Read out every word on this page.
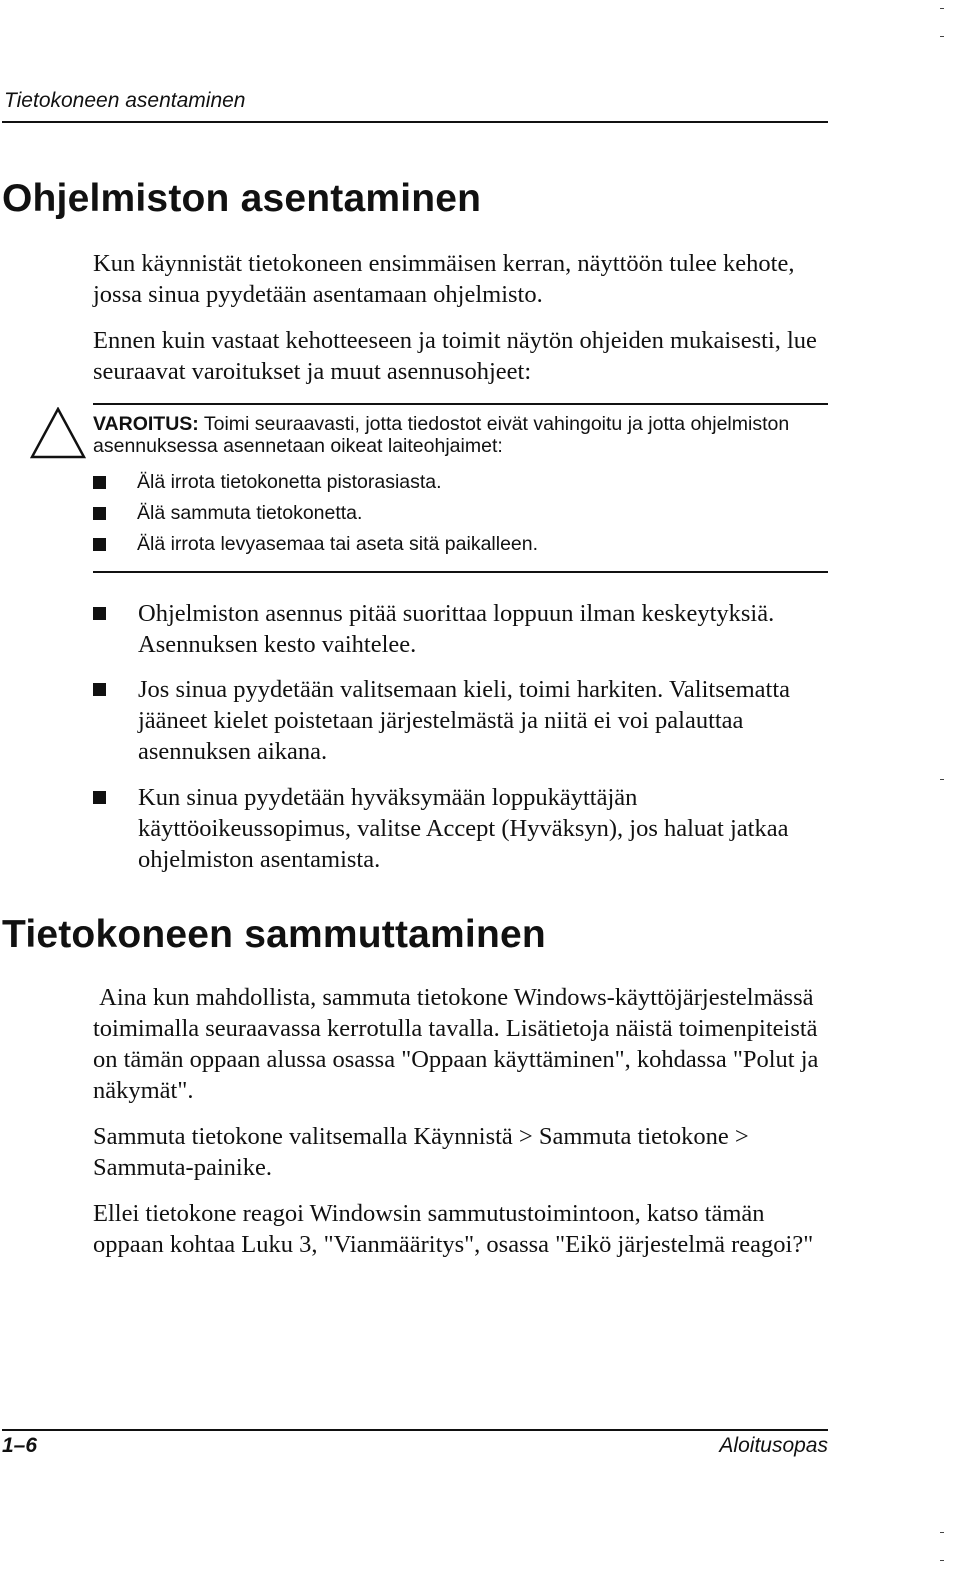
Tietokoneen asentaminen
Ohjelmiston asentaminen

Kun käynnistät tietokoneen ensimmäisen kerran, näyttöön tulee kehote, jossa sinua pyydetään asentamaan ohjelmisto.

Ennen kuin vastaat kehotteeseen ja toimit näytön ohjeiden mukaisesti, lue seuraavat varoitukset ja muut asennusohjeet:

VAROITUS: Toimi seuraavasti, jotta tiedostot eivät vahingoitu ja jotta ohjelmiston asennuksessa asennetaan oikeat laiteohjaimet:

Älä irrota tietokonetta pistorasiasta.
Älä sammuta tietokonetta.
Älä irrota levyasemaa tai aseta sitä paikalleen.
Ohjelmiston asennus pitää suorittaa loppuun ilman keskeytyksiä. Asennuksen kesto vaihtelee.
Jos sinua pyydetään valitsemaan kieli, toimi harkiten. Valitsematta jääneet kielet poistetaan järjestelmästä ja niitä ei voi palauttaa asennuksen aikana.
Kun sinua pyydetään hyväksymään loppukäyttäjän käyttöoikeussopimus, valitse Accept (Hyväksyn), jos haluat jatkaa ohjelmiston asentamista.
Tietokoneen sammuttaminen

Aina kun mahdollista, sammuta tietokone Windows-käyttöjärjestelmässä toimimalla seuraavassa kerrotulla tavalla. Lisätietoja näistä toimenpiteistä on tämän oppaan alussa osassa "Oppaan käyttäminen", kohdassa "Polut ja näkymät".

Sammuta tietokone valitsemalla Käynnistä > Sammuta tietokone > Sammuta-painike.

Ellei tietokone reagoi Windowsin sammutustoimintoon, katso tämän oppaan kohtaa Luku 3, "Vianmääritys", osassa "Eikö järjestelmä reagoi?"

1–6	Aloitusopas
